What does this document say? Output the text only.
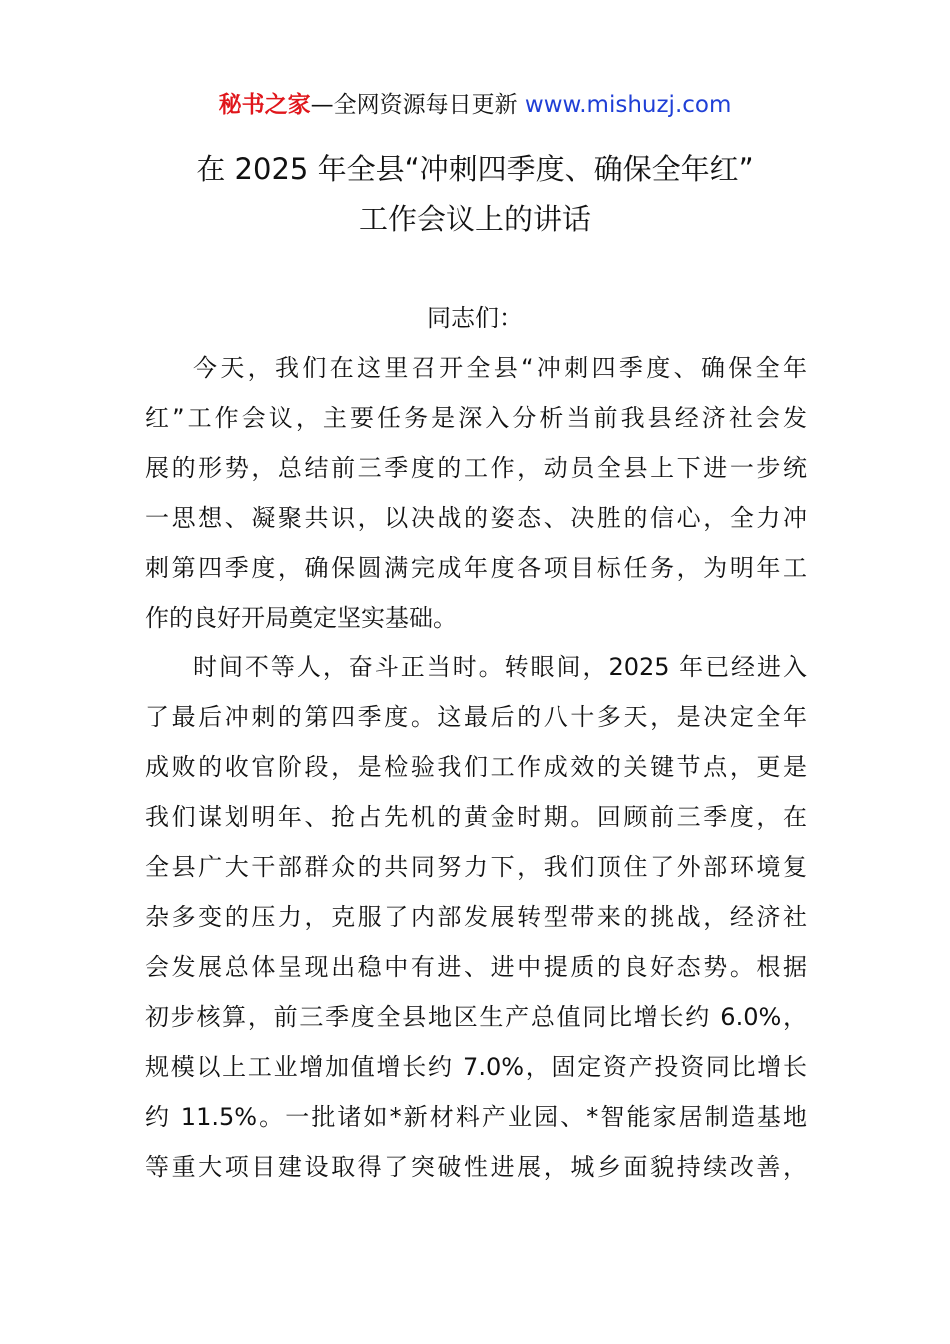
秘书之家—全网资源每日更新 www.mishuzj.com
在 2025 年全县“冲刺四季度、确保全年红”
工作会议上的讲话
同志们：
今天，我们在这里召开全县“冲刺四季度、确保全年
红”工作会议，主要任务是深入分析当前我县经济社会发
展的形势，总结前三季度的工作，动员全县上下进一步统
一思想、凝聚共识，以决战的姿态、决胜的信心，全力冲
刺第四季度，确保圆满完成年度各项目标任务，为明年工
作的良好开局奠定坚实基础。
时间不等人，奋斗正当时。转眼间，2025 年已经进入
了最后冲刺的第四季度。这最后的八十多天，是决定全年
成败的收官阶段，是检验我们工作成效的关键节点，更是
我们谋划明年、抢占先机的黄金时期。回顾前三季度，在
全县广大干部群众的共同努力下，我们顶住了外部环境复
杂多变的压力，克服了内部发展转型带来的挑战，经济社
会发展总体呈现出稳中有进、进中提质的良好态势。根据
初步核算，前三季度全县地区生产总值同比增长约 6.0%，
规模以上工业增加值增长约 7.0%，固定资产投资同比增长
约 11.5%。一批诸如*新材料产业园、*智能家居制造基地
等重大项目建设取得了突破性进展，城乡面貌持续改善，
